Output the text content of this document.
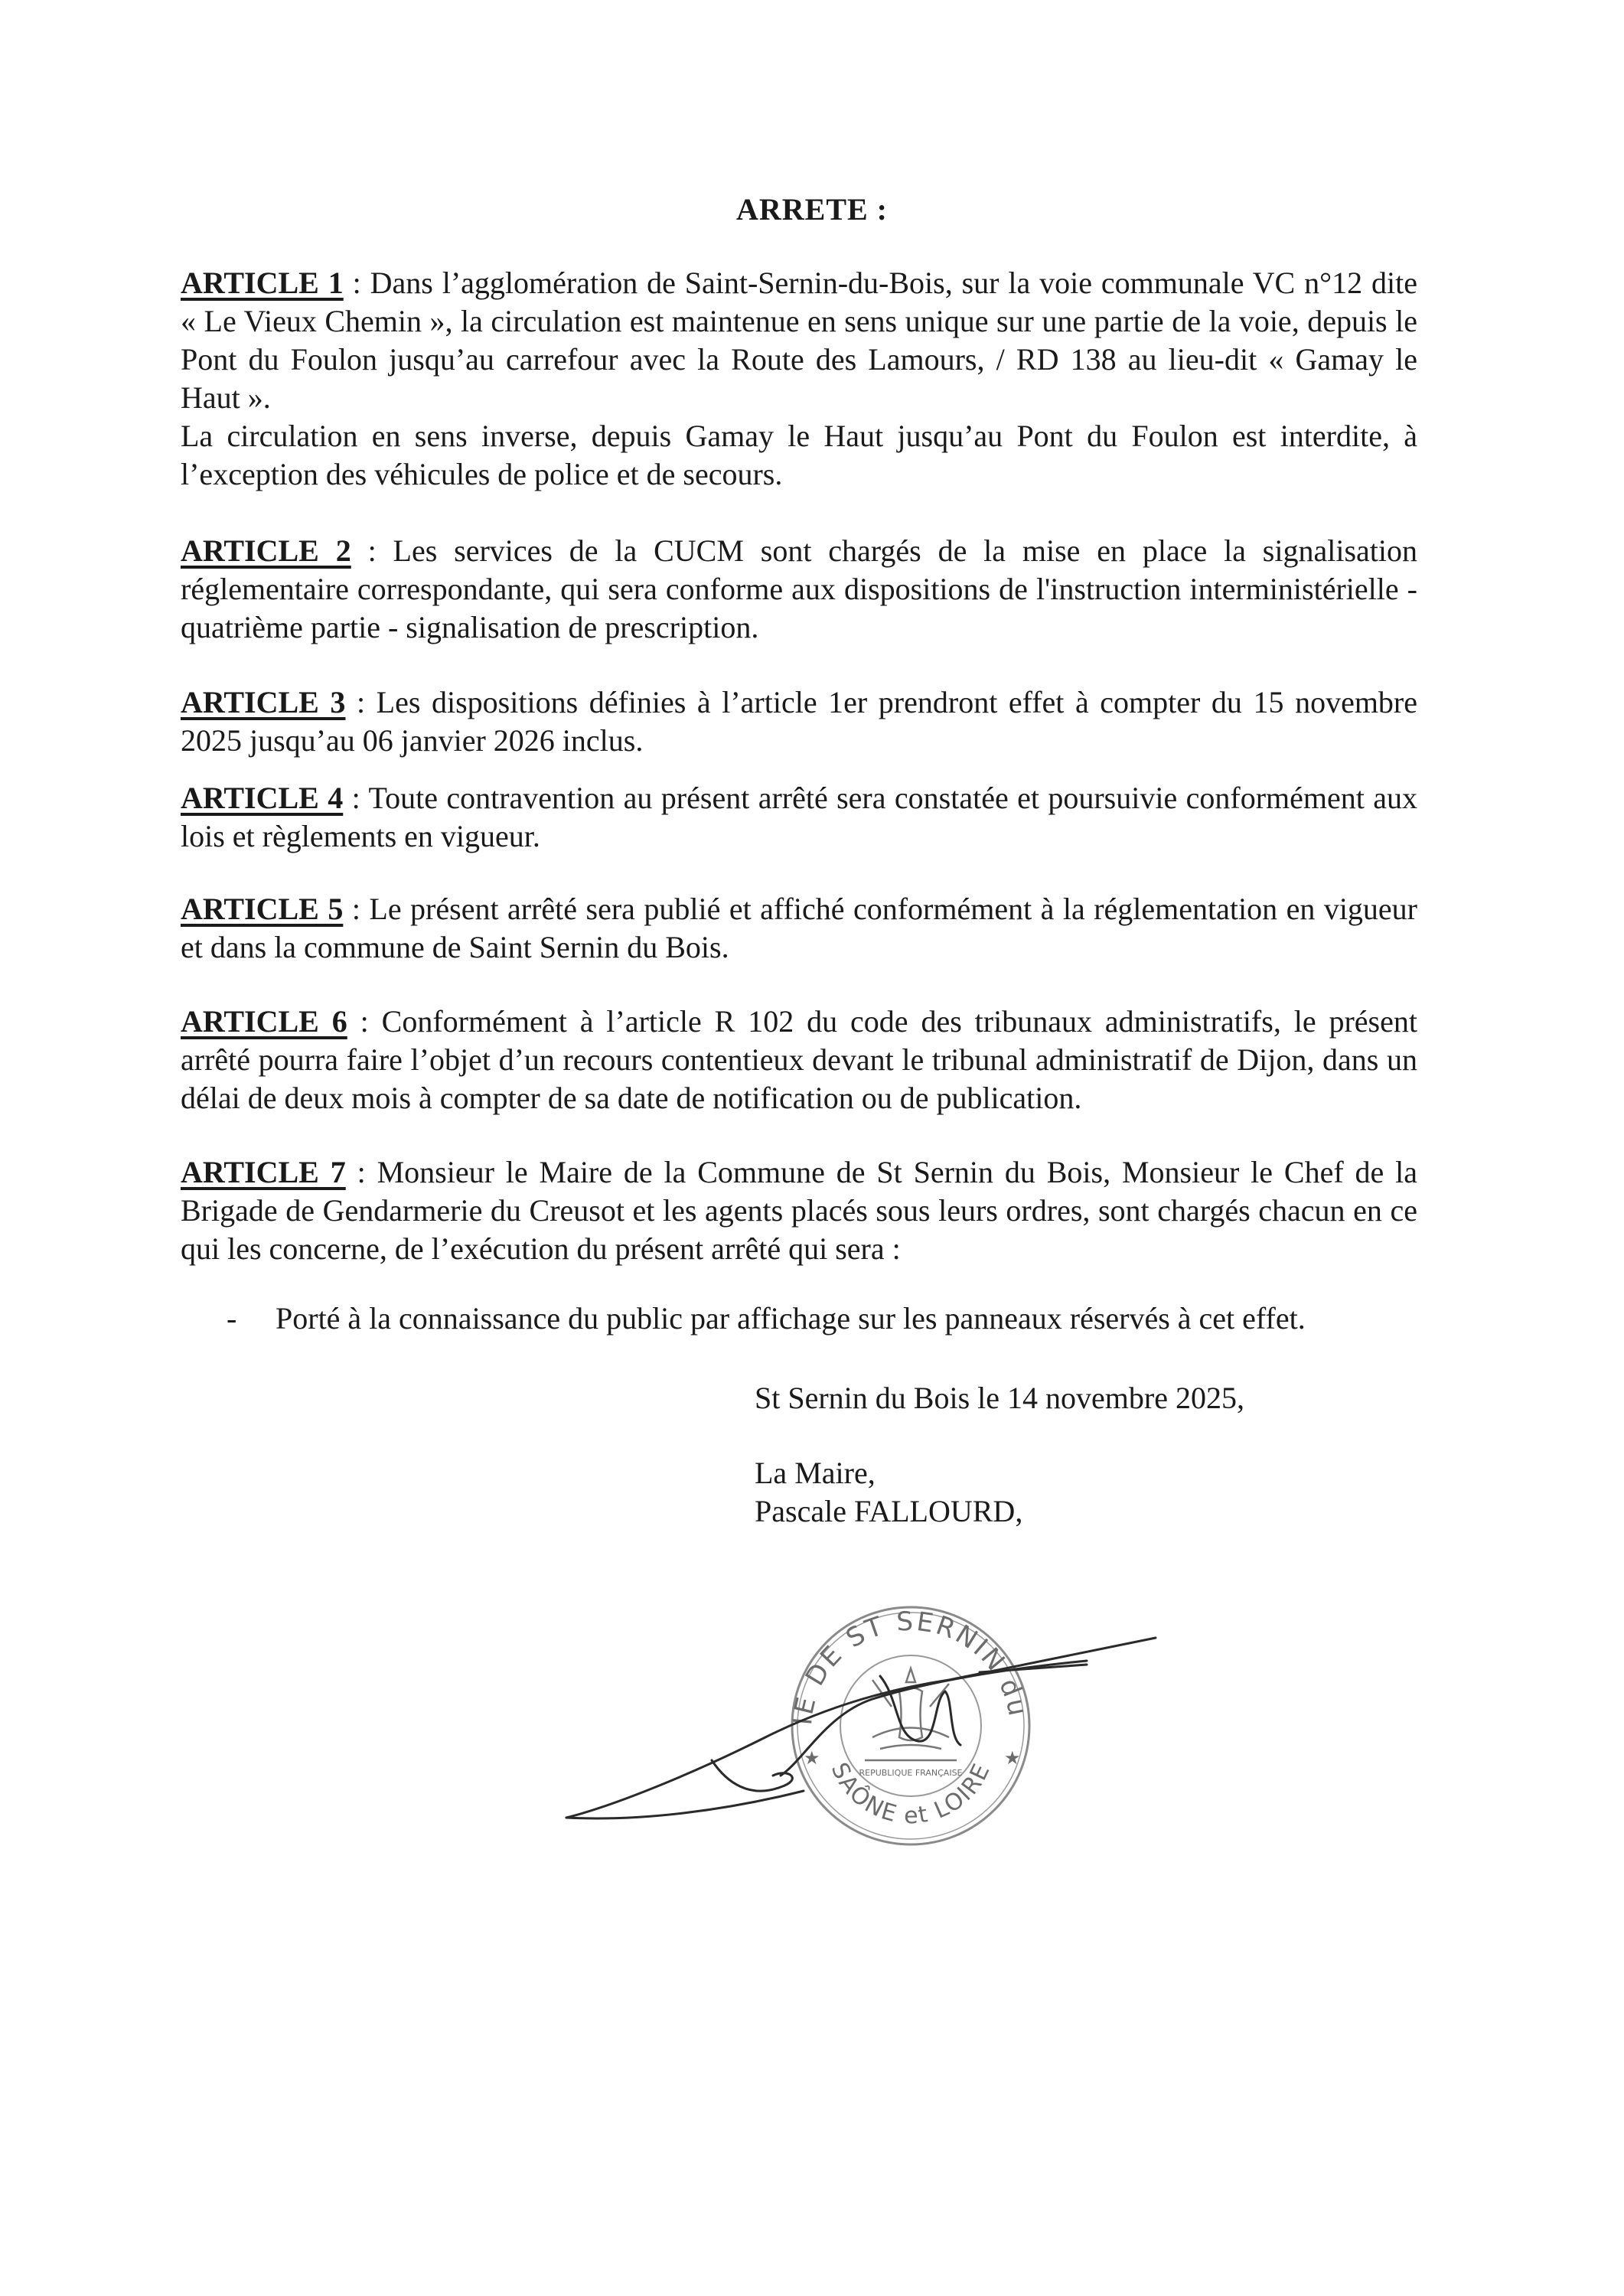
ARRETE :

ARTICLE 1 : Dans l’agglomération de Saint-Sernin-du-Bois, sur la voie communale VC n°12 dite « Le Vieux Chemin », la circulation est maintenue en sens unique sur une partie de la voie, depuis le Pont du Foulon jusqu’au carrefour avec la Route des Lamours, / RD 138 au lieu-dit « Gamay le Haut ».

La circulation en sens inverse, depuis Gamay le Haut jusqu’au Pont du Foulon est interdite, à l’exception des véhicules de police et de secours.

ARTICLE 2 : Les services de la CUCM sont chargés de la mise en place la signalisation réglementaire correspondante, qui sera conforme aux dispositions de l'instruction interministérielle - quatrième partie - signalisation de prescription.

ARTICLE 3 : Les dispositions définies à l’article 1er prendront effet à compter du 15 novembre 2025 jusqu’au 06 janvier 2026 inclus.

ARTICLE 4 : Toute contravention au présent arrêté sera constatée et poursuivie conformément aux lois et règlements en vigueur.

ARTICLE 5 : Le présent arrêté sera publié et affiché conformément à la réglementation en vigueur et dans la commune de Saint Sernin du Bois.

ARTICLE 6 : Conformément à l’article R 102 du code des tribunaux administratifs, le présent arrêté pourra faire l’objet d’un recours contentieux devant le tribunal administratif de Dijon, dans un délai de deux mois à compter de sa date de notification ou de publication.

ARTICLE 7 : Monsieur le Maire de la Commune de St Sernin du Bois, Monsieur le Chef de la Brigade de Gendarmerie du Creusot et les agents placés sous leurs ordres, sont chargés chacun en ce qui les concerne, de l’exécution du présent arrêté qui sera :

- Porté à la connaissance du public par affichage sur les panneaux réservés à cet effet.
St Sernin du Bois le 14 novembre 2025,
La Maire,
Pascale FALLOURD,
IE DE ST SERNIN du
SAÔNE et LOIRE
★	★
REPUBLIQUE FRANÇAISE
